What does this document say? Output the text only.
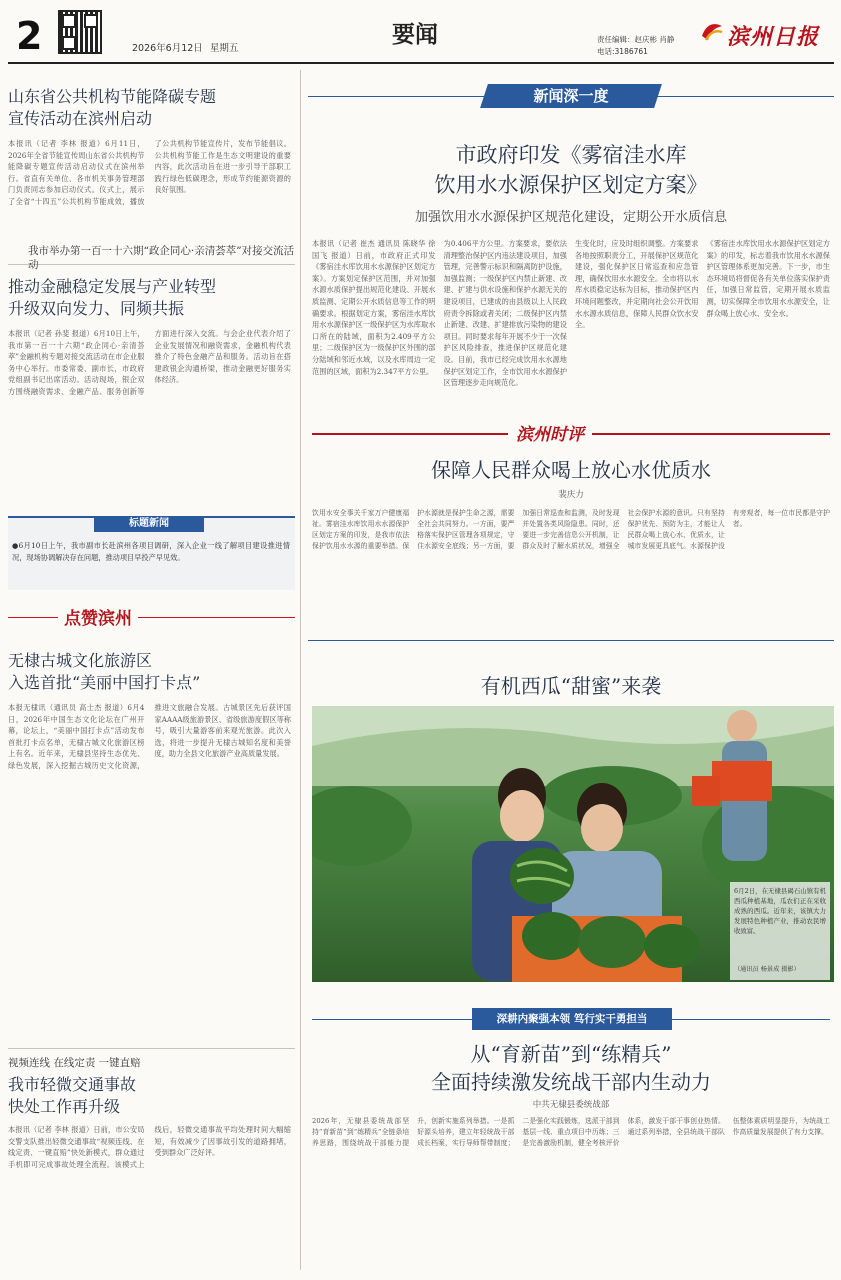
2	2026年6月12日 星期五
要闻	责任编辑：赵庆彬 肖静
电话:3186761
滨州日报
山东省公共机构节能降碳专题
宣传活动在滨州启动
本报讯（记者 李林 报道）6月11日，2026年全省节能宣传周山东省公共机构节能降碳专题宣传活动启动仪式在滨州举行。省直有关单位、各市机关事务管理部门负责同志参加启动仪式。仪式上，展示了全省“十四五”公共机构节能成效，播放了公共机构节能宣传片，发布节能倡议。公共机构节能工作是生态文明建设的重要内容，此次活动旨在进一步引导干部职工践行绿色低碳理念，形成节约能源资源的良好氛围。
我市举办第一百一十六期“政企同心·亲清荟萃”对接交流活动
推动金融稳定发展与产业转型
升级双向发力、同频共振
本报讯（记者 孙斐 报道）6月10日上午，我市第一百一十六期“政企同心·亲清荟萃”金融机构专题对接交流活动在市企业服务中心举行。市委常委、副市长，市政府党组副书记出席活动。活动现场，银企双方围绕融资需求、金融产品、服务创新等方面进行深入交流。与会企业代表介绍了企业发展情况和融资需求，金融机构代表推介了特色金融产品和服务。活动旨在搭建政银企沟通桥梁，推动金融更好服务实体经济。
标题新闻
●6月10日上午，我市副市长赴滨州各项目调研，深入企业一线了解项目建设推进情况，现场协调解决存在问题，推动项目早投产早见效。
点赞滨州
无棣古城文化旅游区
入选首批“美丽中国打卡点”
本报无棣讯（通讯员 高士杰 报道）6月4日，2026年中国生态文化论坛在广州开幕，论坛上，“美丽中国打卡点”活动发布首批打卡点名单，无棣古城文化旅游区榜上有名。近年来，无棣县坚持生态优先、绿色发展，深入挖掘古城历史文化资源，推进文旅融合发展。古城景区先后获评国家AAAA级旅游景区、省级旅游度假区等称号，吸引大量游客前来观光旅游。此次入选，将进一步提升无棣古城知名度和美誉度，助力全县文化旅游产业高质量发展。
视频连线 在线定责 一键直赔
我市轻微交通事故
快处工作再升级
本报讯（记者 李林 报道）日前，市公安局交警支队推出轻微交通事故“视频连线、在线定责、一键直赔”快处新模式，群众通过手机即可完成事故处理全流程。该模式上线后，轻微交通事故平均处理时间大幅缩短，有效减少了因事故引发的道路拥堵，受到群众广泛好评。
新闻深一度
市政府印发《雾宿洼水库
饮用水水源保护区划定方案》
加强饮用水水源保护区规范化建设，定期公开水质信息
本报讯（记者 崔杰 通讯员 陈晓华 徐国飞 报道）日前，市政府正式印发《雾宿洼水库饮用水水源保护区划定方案》。方案划定保护区范围，并对加强水源水质保护提出规范化建设、开展水质监测、定期公开水质信息等工作的明确要求。根据划定方案，雾宿洼水库饮用水水源保护区一级保护区为水库取水口所在的陆域，面积为2.409平方公里；二级保护区为一级保护区外围的部分陆域和邻近水域，以及水库周边一定范围的区域，面积为2.347平方公里。
为0.406平方公里。方案要求，要依法清理整治保护区内违法建设项目，加强管理，完善警示标识和隔离防护设施，加强监测；一级保护区内禁止新建、改建、扩建与供水设施和保护水源无关的建设项目，已建成的由县级以上人民政府责令拆除或者关闭；二级保护区内禁止新建、改建、扩建排放污染物的建设项目。同时要求每年开展不少于一次保护区风险排查，推进保护区规范化建设。目前，我市已经完成饮用水水源地保护区划定工作，全市饮用水水源保护区管理逐步走向规范化。
生变化时，应及时组织调整。方案要求各地按照职责分工，开展保护区规范化建设，强化保护区日常巡查和应急管理，确保饮用水水源安全。全市将以水库水质稳定达标为目标，推动保护区内环境问题整改，并定期向社会公开饮用水水源水质信息，保障人民群众饮水安全。
《雾宿洼水库饮用水水源保护区划定方案》的印发，标志着我市饮用水水源保护区管理体系更加完善。下一步，市生态环境局将督促各有关单位落实保护责任，加强日常监管，定期开展水质监测，切实保障全市饮用水水源安全，让群众喝上放心水、安全水。
滨州时评
保障人民群众喝上放心水优质水
裴庆力
饮用水安全事关千家万户健康福祉。雾宿洼水库饮用水水源保护区划定方案的印发，是我市依法保护饮用水水源的重要举措。保护水源就是保护生命之源，需要全社会共同努力。一方面，要严格落实保护区管理各项规定，守住水源安全底线；另一方面，要加强日常巡查和监测，及时发现并处置各类风险隐患。同时，还要进一步完善信息公开机制，让群众及时了解水质状况，增强全社会保护水源的意识。只有坚持保护优先、预防为主，才能让人民群众喝上放心水、优质水，让城市发展更具底气。水源保护没有旁观者，每一位市民都是守护者。
有机西瓜“甜蜜”来袭
6月2日，在无棣县碣石山镇有机西瓜种植基地，瓜农们正在采收成熟的西瓜。近年来，该镇大力发展特色种植产业，推动农民增收致富。
（通讯员 杨景成 摄影）
深耕内聚强本领 笃行实干勇担当
从“育新苗”到“练精兵”
全面持续激发统战干部内生动力
中共无棣县委统战部
2026年，无棣县委统战部坚持“育新苗”到“练精兵”全链条培养思路，围绕统战干部能力提升，创新实施系列举措。一是抓好源头培养，建立年轻统战干部成长档案，实行导师帮带制度；二是强化实践锻炼，选派干部到基层一线、重点项目中历练；三是完善激励机制，健全考核评价体系，激发干部干事创业热情。通过系列举措，全县统战干部队伍整体素质明显提升，为统战工作高质量发展提供了有力支撑。
